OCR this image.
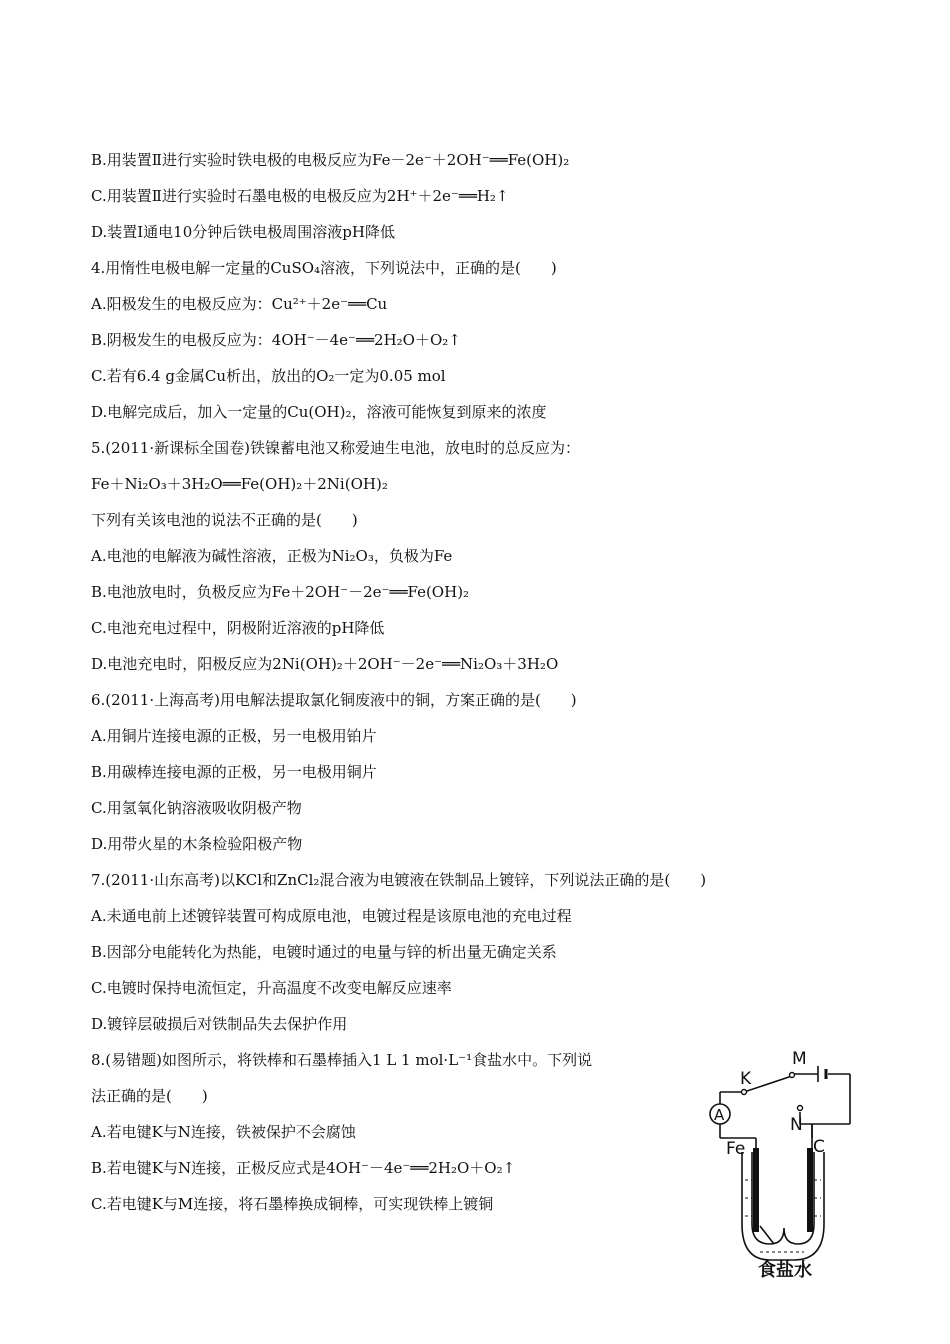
B.用装置Ⅱ进行实验时铁电极的电极反应为Fe－2e⁻＋2OH⁻══Fe(OH)₂
C.用装置Ⅱ进行实验时石墨电极的电极反应为2H⁺＋2e⁻══H₂↑
D.装置Ⅰ通电10分钟后铁电极周围溶液pH降低
4.用惰性电极电解一定量的CuSO₄溶液，下列说法中，正确的是(　　)
A.阳极发生的电极反应为：Cu²⁺＋2e⁻══Cu
B.阴极发生的电极反应为：4OH⁻－4e⁻══2H₂O＋O₂↑
C.若有6.4 g金属Cu析出，放出的O₂一定为0.05 mol
D.电解完成后，加入一定量的Cu(OH)₂，溶液可能恢复到原来的浓度
5.(2011·新课标全国卷)铁镍蓄电池又称爱迪生电池，放电时的总反应为：
Fe＋Ni₂O₃＋3H₂O══Fe(OH)₂＋2Ni(OH)₂
下列有关该电池的说法不正确的是(　　)
A.电池的电解液为碱性溶液，正极为Ni₂O₃，负极为Fe
B.电池放电时，负极反应为Fe＋2OH⁻－2e⁻══Fe(OH)₂
C.电池充电过程中，阴极附近溶液的pH降低
D.电池充电时，阳极反应为2Ni(OH)₂＋2OH⁻－2e⁻══Ni₂O₃＋3H₂O
6.(2011·上海高考)用电解法提取氯化铜废液中的铜，方案正确的是(　　)
A.用铜片连接电源的正极，另一电极用铂片
B.用碳棒连接电源的正极，另一电极用铜片
C.用氢氧化钠溶液吸收阴极产物
D.用带火星的木条检验阳极产物
7.(2011·山东高考)以KCl和ZnCl₂混合液为电镀液在铁制品上镀锌，下列说法正确的是(　　)
A.未通电前上述镀锌装置可构成原电池，电镀过程是该原电池的充电过程
B.因部分电能转化为热能，电镀时通过的电量与锌的析出量无确定关系
C.电镀时保持电流恒定，升高温度不改变电解反应速率
D.镀锌层破损后对铁制品失去保护作用
8.(易错题)如图所示，将铁棒和石墨棒插入1 L 1 mol·L⁻¹食盐水中。下列说
法正确的是(　　)
A.若电键K与N连接，铁被保护不会腐蚀
B.若电键K与N连接，正极反应式是4OH⁻－4e⁻══2H₂O＋O₂↑
C.若电键K与M连接，将石墨棒换成铜棒，可实现铁棒上镀铜
M
K
N
A
Fe	C
食盐水
